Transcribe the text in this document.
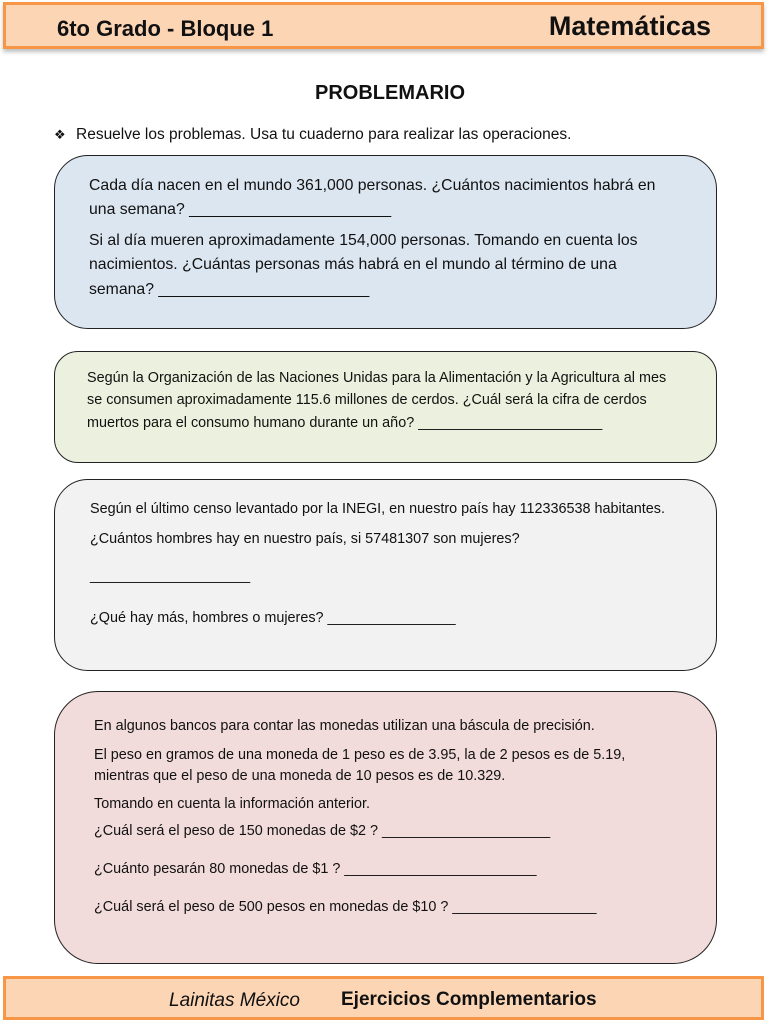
6to Grado - Bloque 1	Matemáticas
PROBLEMARIO
❖ Resuelve los problemas. Usa tu cuaderno para realizar las operaciones.

Cada día nacen en el mundo 361,000 personas. ¿Cuántos nacimientos habrá en una semana? _______________________

Si al día mueren aproximadamente 154,000 personas. Tomando en cuenta los nacimientos. ¿Cuántas personas más habrá en el mundo al término de una semana? ________________________

Según la Organización de las Naciones Unidas para la Alimentación y la Agricultura al mes se consumen aproximadamente 115.6 millones de cerdos. ¿Cuál será la cifra de cerdos muertos para el consumo humano durante un año? _______________________

Según el último censo levantado por la INEGI, en nuestro país hay 112336538 habitantes.

¿Cuántos hombres hay en nuestro país, si 57481307 son mujeres?

____________________

¿Qué hay más, hombres o mujeres? ________________

En algunos bancos para contar las monedas utilizan una báscula de precisión.

El peso en gramos de una moneda de 1 peso es de 3.95, la de 2 pesos es de 5.19, mientras que el peso de una moneda de 10 pesos es de 10.329.

Tomando en cuenta la información anterior.

¿Cuál será el peso de 150 monedas de $2 ? _____________________

¿Cuánto pesarán 80 monedas de $1 ? ________________________

¿Cuál será el peso de 500 pesos en monedas de $10 ? __________________

Lainitas México Ejercicios Complementarios
